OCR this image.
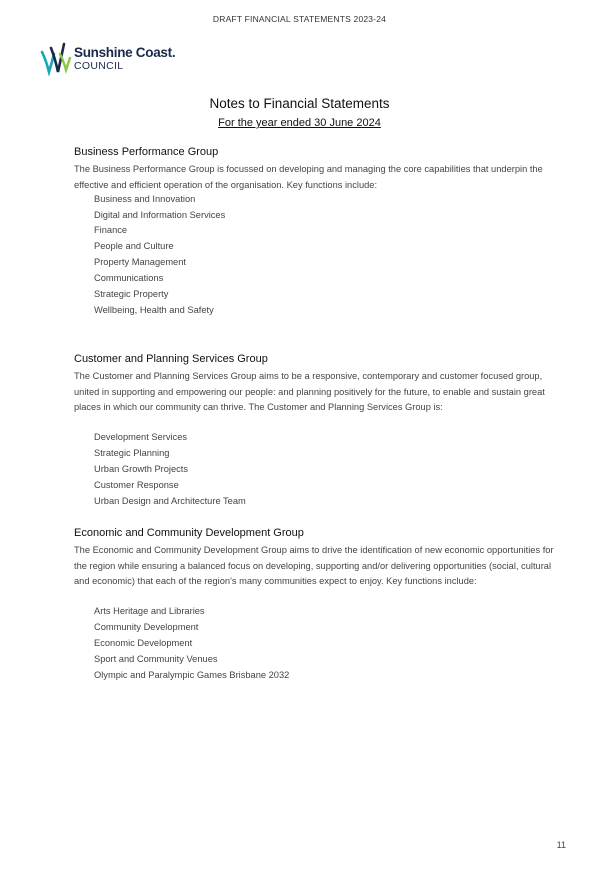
DRAFT FINANCIAL STATEMENTS 2023-24
Sunshine Coast.
COUNCIL
Notes to Financial Statements

For the year ended 30 June 2024

Business Performance Group

The Business Performance Group is focussed on developing and managing the core capabilities that underpin the effective and efficient operation of the organisation. Key functions include:

Business and Innovation
Digital and Information Services
Finance
People and Culture
Property Management
Communications
Strategic Property
Wellbeing, Health and Safety
Customer and Planning Services Group

The Customer and Planning Services Group aims to be a responsive, contemporary and customer focused group, united in supporting and empowering our people: and planning positively for the future, to enable and sustain great places in which our community can thrive. The Customer and Planning Services Group is:

Development Services
Strategic Planning
Urban Growth Projects
Customer Response
Urban Design and Architecture Team
Economic and Community Development Group

The Economic and Community Development Group aims to drive the identification of new economic opportunities for the region while ensuring a balanced focus on developing, supporting and/or delivering opportunities (social, cultural and economic) that each of the region's many communities expect to enjoy. Key functions include:

Arts Heritage and Libraries
Community Development
Economic Development
Sport and Community Venues
Olympic and Paralympic Games Brisbane 2032
11
